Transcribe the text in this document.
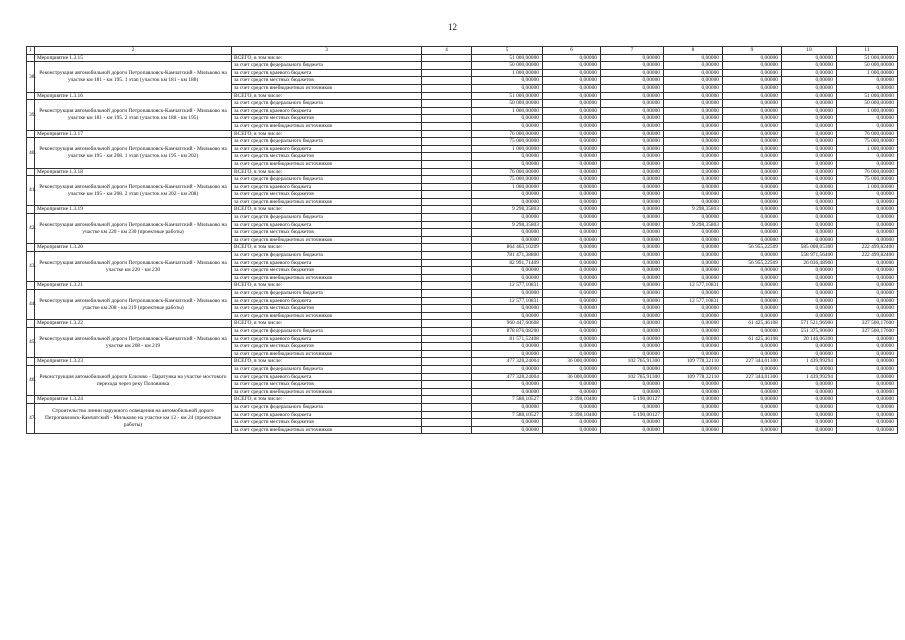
12
1	2	3	4	5	6	7	8	9	10	11
	Мероприятие 1.3.15	ВСЕГО, в том числе:		51 000,00000	0,00000	0,00000	0,00000	0,00000	0,00000	51 000,00000
38.	Реконструкция автомобильной дороги Петропавловск-Камчатский - Мильково на участке км 181 - км 195. 1 этап (участок км 181 - км 188)	за счет средств федерального бюджета		50 000,00000	0,00000	0,00000	0,00000	0,00000	0,00000	50 000,00000
		за счет средств краевого бюджета		1 000,00000	0,00000	0,00000	0,00000	0,00000	0,00000	1 000,00000
		за счет средств местных бюджетов		0,00000	0,00000	0,00000	0,00000	0,00000	0,00000	0,00000
		за счет средств внебюджетных источников		0,00000	0,00000	0,00000	0,00000	0,00000	0,00000	0,00000
	Мероприятие 1.3.16	ВСЕГО, в том числе:		51 000,00000	0,00000	0,00000	0,00000	0,00000	0,00000	51 000,00000
39.	Реконструкция автомобильной дороги Петропавловск-Камчатский - Мильково на участке км 181 - км 195. 2 этап (участок км 188 - км 195)	за счет средств федерального бюджета		50 000,00000	0,00000	0,00000	0,00000	0,00000	0,00000	50 000,00000
		за счет средств краевого бюджета		1 000,00000	0,00000	0,00000	0,00000	0,00000	0,00000	1 000,00000
		за счет средств местных бюджетов		0,00000	0,00000	0,00000	0,00000	0,00000	0,00000	0,00000
		за счет средств внебюджетных источников		0,00000	0,00000	0,00000	0,00000	0,00000	0,00000	0,00000
	Мероприятие 1.3.17	ВСЕГО, в том числе:		76 000,00000	0,00000	0,00000	0,00000	0,00000	0,00000	76 000,00000
40.	Реконструкция автомобильной дороги Петропавловск-Камчатский - Мильково на участке км 195 - км 208. 1 этап (участок км 195 - км 202)	за счет средств федерального бюджета		75 000,00000	0,00000	0,00000	0,00000	0,00000	0,00000	75 000,00000
		за счет средств краевого бюджета		1 000,00000	0,00000	0,00000	0,00000	0,00000	0,00000	1 000,00000
		за счет средств местных бюджетов		0,00000	0,00000	0,00000	0,00000	0,00000	0,00000	0,00000
		за счет средств внебюджетных источников		0,00000	0,00000	0,00000	0,00000	0,00000	0,00000	0,00000
	Мероприятие 1.3.18	ВСЕГО, в том числе:		76 000,00000	0,00000	0,00000	0,00000	0,00000	0,00000	76 000,00000
41.	Реконструкция автомобильной дороги Петропавловск-Камчатский - Мильково на участке км 195 - км 208. 2 этап (участок км 202 - км 208)	за счет средств федерального бюджета		75 000,00000	0,00000	0,00000	0,00000	0,00000	0,00000	75 000,00000
		за счет средств краевого бюджета		1 000,00000	0,00000	0,00000	0,00000	0,00000	0,00000	1 000,00000
		за счет средств местных бюджетов		0,00000	0,00000	0,00000	0,00000	0,00000	0,00000	0,00000
		за счет средств внебюджетных источников		0,00000	0,00000	0,00000	0,00000	0,00000	0,00000	0,00000
	Мероприятие 1.3.19	ВСЕГО, в том числе:		9 298,35803	0,00000	0,00000	9 298,35803	0,00000	0,00000	0,00000
42.	Реконструкция автомобильной дороги Петропавловск-Камчатский - Мильково на участке км 220 - км 230 (проектные работы)	за счет средств федерального бюджета		0,00000	0,00000	0,00000	0,00000	0,00000	0,00000	0,00000
		за счет средств краевого бюджета		9 298,35803	0,00000	0,00000	9 298,35803	0,00000	0,00000	0,00000
		за счет средств местных бюджетов		0,00000	0,00000	0,00000	0,00000	0,00000	0,00000	0,00000
		за счет средств внебюджетных источников		0,00000	0,00000	0,00000	0,00000	0,00000	0,00000	0,00000
	Мероприятие 1.3.20	ВСЕГО, в том числе:		864 463,10209	0,00000	0,00000	0,00000	56 955,22509	585 008,05300	222 499,82400
43.	Реконструкция автомобильной дороги Петропавловск-Камчатский - Мильково на участке км 220 - км 230	за счет средств федерального бюджета		781 471,38800	0,00000	0,00000	0,00000	0,00000	558 971,56400	222 499,82400
		за счет средств краевого бюджета		82 991,71409	0,00000	0,00000	0,00000	56 955,22509	26 036,48900	0,00000
		за счет средств местных бюджетов		0,00000	0,00000	0,00000	0,00000	0,00000	0,00000	0,00000
		за счет средств внебюджетных источников		0,00000	0,00000	0,00000	0,00000	0,00000	0,00000	0,00000
	Мероприятие 1.3.21	ВСЕГО, в том числе:		12 577,10831	0,00000	0,00000	12 577,10831	0,00000	0,00000	0,00000
44.	Реконструкция автомобильной дороги Петропавловск-Камчатский - Мильково на участке км 208 - км 219 (проектные работы)	за счет средств федерального бюджета		0,00000	0,00000	0,00000	0,00000	0,00000	0,00000	0,00000
		за счет средств краевого бюджета		12 577,10831	0,00000	0,00000	12 577,10831	0,00000	0,00000	0,00000
		за счет средств местных бюджетов		0,00000	0,00000	0,00000	0,00000	0,00000	0,00000	0,00000
		за счет средств внебюджетных источников		0,00000	0,00000	0,00000	0,00000	0,00000	0,00000	0,00000
	Мероприятие 1.3.22	ВСЕГО, в том числе:		960 447,60608	0,00000	0,00000	0,00000	61 425,46108	571 521,96900	327 500,17600
45.	Реконструкция автомобильной дороги Петропавловск-Камчатский - Мильково на участке км 208 - км 219	за счет средств федерального бюджета		878 876,08200	0,00000	0,00000	0,00000	0,00000	551 375,90600	327 500,17600
		за счет средств краевого бюджета		81 571,52408	0,00000	0,00000	0,00000	61 425,46108	20 146,06300	0,00000
		за счет средств местных бюджетов		0,00000	0,00000	0,00000	0,00000	0,00000	0,00000	0,00000
		за счет средств внебюджетных источников		0,00000	0,00000	0,00000	0,00000	0,00000	0,00000	0,00000
	Мероприятие 1.3.23	ВСЕГО, в том числе:		477 328,24004	36 000,00000	102 765,91300	109 778,32110	227 344,01300	1 439,99294	0,00000
46.	Реконструкция автомобильной дороги Елизово - Паратунка на участке мостового перехода через реку Половинка	за счет средств федерального бюджета		0,00000	0,00000	0,00000	0,00000	0,00000	0,00000	0,00000
		за счет средств краевого бюджета		477 328,24004	36 000,00000	102 765,91300	109 778,32110	227 344,01300	1 439,99294	0,00000
		за счет средств местных бюджетов		0,00000	0,00000	0,00000	0,00000	0,00000	0,00000	0,00000
		за счет средств внебюджетных источников		0,00000	0,00000	0,00000	0,00000	0,00000	0,00000	0,00000
	Мероприятие 1.3.24	ВСЕГО, в том числе:		7 588,10527	2 398,10400	5 190,00127	0,00000	0,00000	0,00000	0,00000
47.	Строительство линии наружного освещения на автомобильной дороге Петропавловск-Камчатский - Мильково на участке км 12 - км 24 (проектные работы)	за счет средств федерального бюджета		0,00000	0,00000	0,00000	0,00000	0,00000	0,00000	0,00000
		за счет средств краевого бюджета		7 588,10527	2 398,10400	5 190,00127	0,00000	0,00000	0,00000	0,00000
		за счет средств местных бюджетов		0,00000	0,00000	0,00000	0,00000	0,00000	0,00000	0,00000
		за счет средств внебюджетных источников		0,00000	0,00000	0,00000	0,00000	0,00000	0,00000	0,00000
